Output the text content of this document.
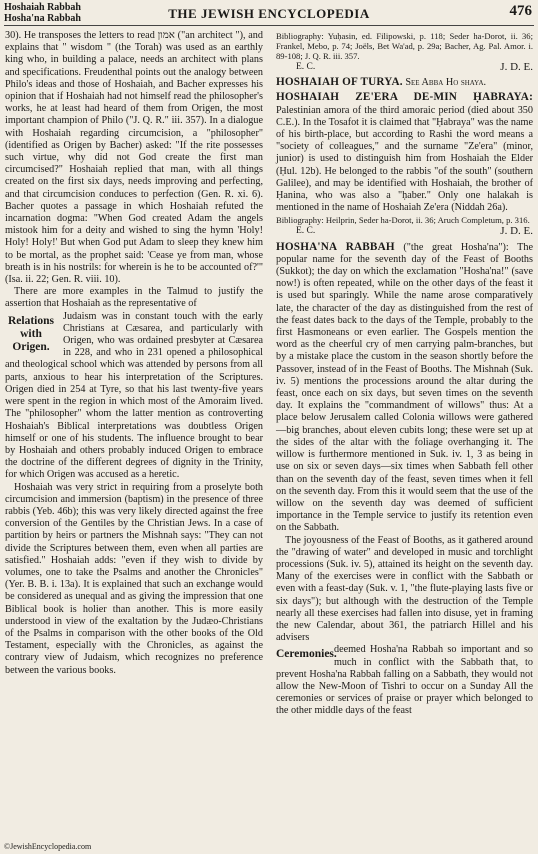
Hoshaiah Rabbah
Hosha'na Rabbah	THE JEWISH ENCYCLOPEDIA	476

30). He transposes the letters to read אמון ("an architect "), and explains that " wisdom " (the Torah) was used as an earthly king who, in building a palace, needs an architect with plans and specifications. Freudenthal points out the analogy between Philo's ideas and those of Hoshaiah, and Bacher expresses his opinion that if Hoshaiah had not himself read the philosopher's works, he at least had heard of them from Origen, the most important champion of Philo ("J. Q. R." iii. 357). In a dialogue with Hoshaiah regarding circumcision, a "philosopher" (identified as Origen by Bacher) asked: "If the rite possesses such virtue, why did not God create the first man circumcised?" Hoshaiah replied that man, with all things created on the first six days, needs improving and perfecting, and that circumcision conduces to perfection (Gen. R. xi. 6). Bacher quotes a passage in which Hoshaiah refuted the incarnation dogma: "When God created Adam the angels mistook him for a deity and wished to sing the hymn 'Holy! Holy! Holy!' But when God put Adam to sleep they knew him to be mortal, as the prophet said: 'Cease ye from man, whose breath is in his nostrils: for wherein is he to be accounted of?'" (Isa. ii. 22; Gen. R. viii. 10).

There are more examples in the Talmud to justify the assertion that Hoshaiah as the representative of

Relations with Origen.

Judaism was in constant touch with the early Christians at Cæsarea, and particularly with Origen, who was ordained presbyter at Cæsarea in 228, and who in 231 opened a philosophical and theological school which was attended by persons from all parts, anxious to hear his interpretation of the Scriptures. Origen died in 254 at Tyre, so that his last twenty-five years were spent in the region in which most of the Amoraim lived. The "philosopher" whom the latter mention as controverting Hoshaiah's Biblical interpretations was doubtless Origen himself or one of his students. The influence brought to bear by Hoshaiah and others probably induced Origen to embrace the doctrine of the different degrees of dignity in the Trinity, for which Origen was accused as a heretic.

Hoshaiah was very strict in requiring from a proselyte both circumcision and immersion (baptism) in the presence of three rabbis (Yeb. 46b); this was very likely directed against the free conversion of the Gentiles by the Christian Jews. In a case of partition by heirs or partners the Mishnah says: "They can not divide the Scriptures between them, even when all parties are satisfied." Hoshaiah adds: "even if they wish to divide by volumes, one to take the Psalms and another the Chronicles" (Yer. B. B. i. 13a). It is explained that such an exchange would be considered as unequal and as giving the impression that one Biblical book is holier than another. This is more easily understood in view of the exaltation by the Judæo-Christians of the Psalms in comparison with the other books of the Old Testament, especially with the Chronicles, as against the contrary view of Judaism, which recognizes no preference between the various books.

Bibliography: Yuḥasin, ed. Filipowski, p. 118; Seder ha-Dorot, ii. 36; Frankel, Mebo, p. 74; Joëls, Bet Wa'ad, p. 29a; Bacher, Ag. Pal. Amor. i. 89-108; J. Q. R. iii. 357.

E. C.	J. D. E.

HOSHAIAH OF TURYA. See Abba Ho shaya.

HOSHAIAH ZE'ERA DE-MIN ḤABRAYA: Palestinian amora of the third amoraic period (died about 350 C.E.). In the Tosafot it is claimed that "Ḥabraya" was the name of his birth-place, but according to Rashi the word means a "society of colleagues," and the surname "Ze'era" (minor, junior) is used to distinguish him from Hoshaiah the Elder (Ḥul. 12b). He belonged to the rabbis "of the south" (southern Galilee), and may be identified with Hoshaiah, the brother of Ḥanina, who was also a "ḥaber." Only one halakah is mentioned in the name of Hoshaiah Ze'era (Niddah 26a).

Bibliography: Heilprin, Seder ha-Dorot, ii. 36; Aruch Completum, p. 316.

E. C.	J. D. E.

HOSHA'NA RABBAH ("the great Hosha'na"): The popular name for the seventh day of the Feast of Booths (Sukkot); the day on which the exclamation "Hosha'na!" (save now!) is often repeated, while on the other days of the feast it is used but sparingly. While the name arose comparatively late, the character of the day as distinguished from the rest of the feast dates back to the days of the Temple, probably to the first Hasmoneans or even earlier. The Gospels mention the word as the cheerful cry of men carrying palm-branches, but by a mistake place the custom in the season shortly before the Passover, instead of in the Feast of Booths. The Mishnah (Suk. iv. 5) mentions the processions around the altar during the feast, once each on six days, but seven times on the seventh day. It explains the "commandment of willows" thus: At a place below Jerusalem called Colonia willows were gathered—big branches, about eleven cubits long; these were set up at the sides of the altar with the foliage overhanging it. The willow is furthermore mentioned in Suk. iv. 1, 3 as being in use on six or seven days—six times when Sabbath fell other than on the seventh day of the feast, seven times when it fell on the seventh day. From this it would seem that the use of the willow on the seventh day was deemed of sufficient importance in the Temple service to justify its retention even on the Sabbath.

The joyousness of the Feast of Booths, as it gathered around the "drawing of water" and developed in music and torchlight processions (Suk. iv. 5), attained its height on the seventh day. Many of the exercises were in conflict with the Sabbath or even with a feast-day (Suk. v. 1, "the flute-playing lasts five or six days"); but although with the destruction of the Temple nearly all these exercises had fallen into disuse, yet in framing the new Calendar, about 361, the patriarch Hillel and his advisers

Ceremonies.

deemed Hosha'na Rabbah so important and so much in conflict with the Sabbath that, to prevent Hosha'na Rabbah falling on a Sabbath, they would not allow the New-Moon of Tishri to occur on a Sunday All the ceremonies or services of praise or prayer which belonged to the other middle days of the feast

©JewishEncyclopedia.com
